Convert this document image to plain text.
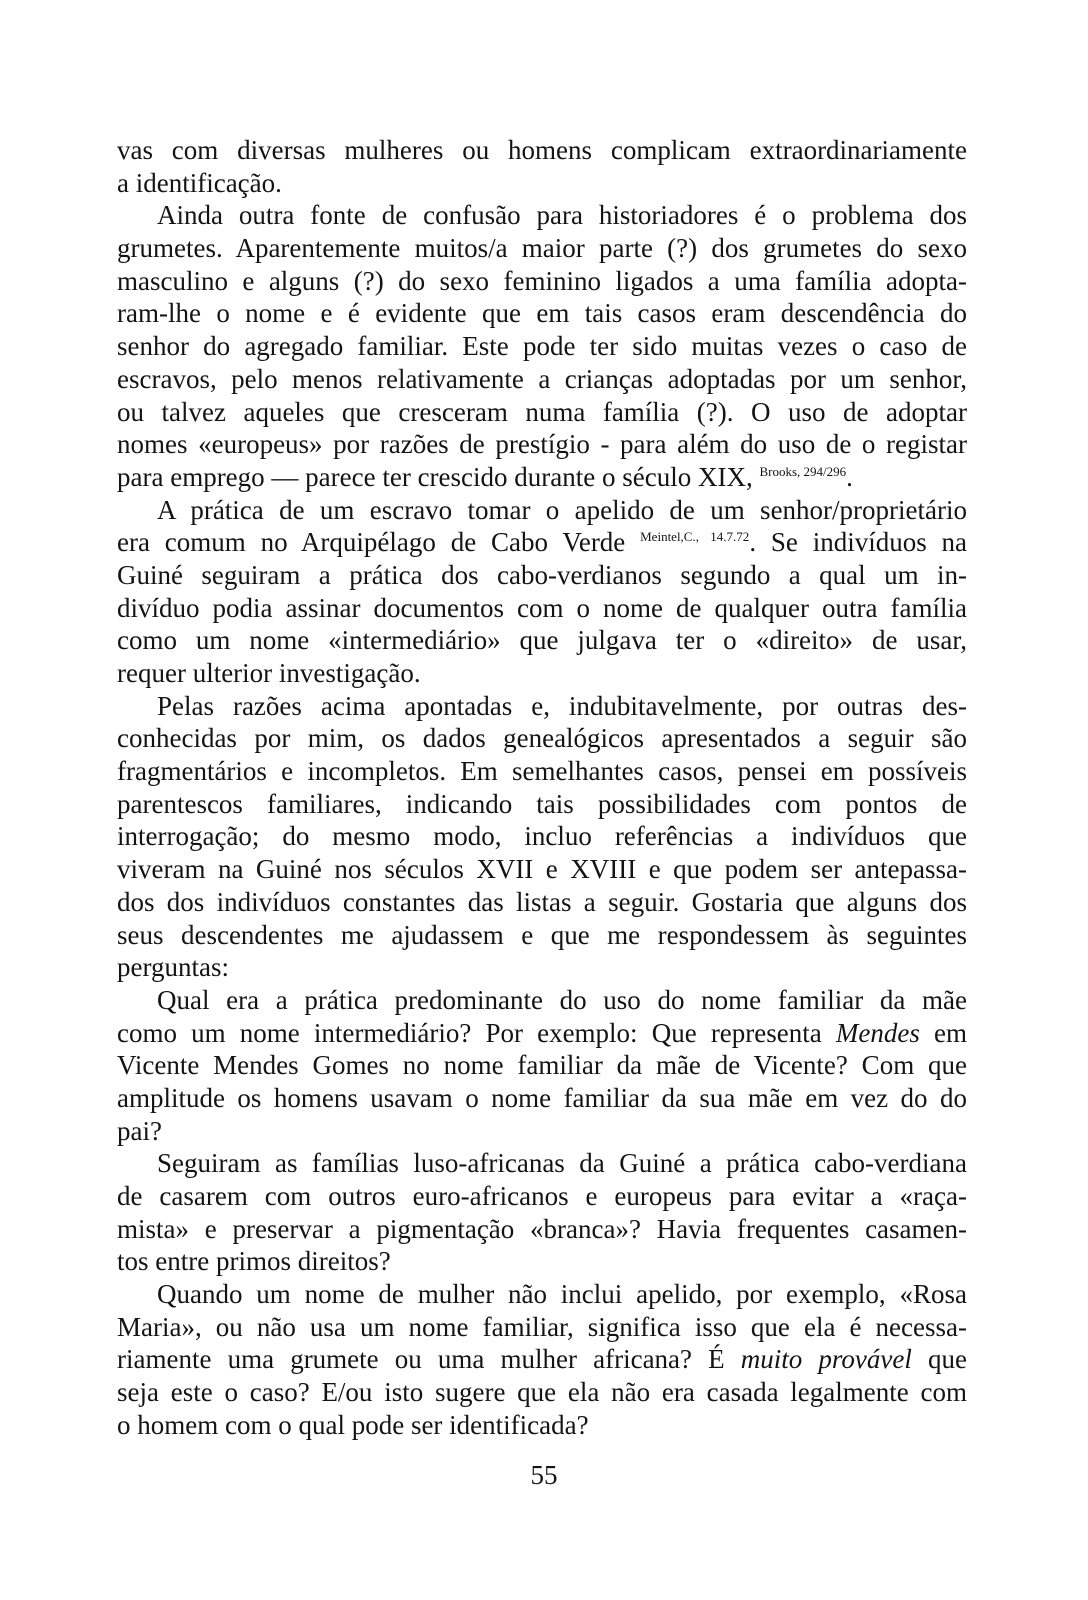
vas com diversas mulheres ou homens complicam extraordinariamente
a identificação.
Ainda outra fonte de confusão para historiadores é o problema dos
grumetes. Aparentemente muitos/a maior parte (?) dos grumetes do sexo
masculino e alguns (?) do sexo feminino ligados a uma família adopta-
ram-lhe o nome e é evidente que em tais casos eram descendência do
senhor do agregado familiar. Este pode ter sido muitas vezes o caso de
escravos, pelo menos relativamente a crianças adoptadas por um senhor,
ou talvez aqueles que cresceram numa família (?). O uso de adoptar
nomes «europeus» por razões de prestígio - para além do uso de o registar
para emprego — parece ter crescido durante o século XIX, $^{Brooks, 294/296}$.
A prática de um escravo tomar o apelido de um senhor/proprietário
era comum no Arquipélago de Cabo Verde $^{Meintel,C., 14.7.72}$. Se indivíduos na
Guiné seguiram a prática dos cabo-verdianos segundo a qual um in-
divíduo podia assinar documentos com o nome de qualquer outra família
como um nome «intermediário» que julgava ter o «direito» de usar,
requer ulterior investigação.
Pelas razões acima apontadas e, indubitavelmente, por outras des-
conhecidas por mim, os dados genealógicos apresentados a seguir são
fragmentários e incompletos. Em semelhantes casos, pensei em possíveis
parentescos familiares, indicando tais possibilidades com pontos de
interrogação; do mesmo modo, incluo referências a indivíduos que
viveram na Guiné nos séculos XVII e XVIII e que podem ser antepassa-
dos dos indivíduos constantes das listas a seguir. Gostaria que alguns dos
seus descendentes me ajudassem e que me respondessem às seguintes
perguntas:
Qual era a prática predominante do uso do nome familiar da mãe
como um nome intermediário? Por exemplo: Que representa Mendes em
Vicente Mendes Gomes no nome familiar da mãe de Vicente? Com que
amplitude os homens usavam o nome familiar da sua mãe em vez do do
pai?
Seguiram as famílias luso-africanas da Guiné a prática cabo-verdiana
de casarem com outros euro-africanos e europeus para evitar a «raça-
mista» e preservar a pigmentação «branca»? Havia frequentes casamen-
tos entre primos direitos?
Quando um nome de mulher não inclui apelido, por exemplo, «Rosa
Maria», ou não usa um nome familiar, significa isso que ela é necessa-
riamente uma grumete ou uma mulher africana? É muito provável que
seja este o caso? E/ou isto sugere que ela não era casada legalmente com
o homem com o qual pode ser identificada?
55
